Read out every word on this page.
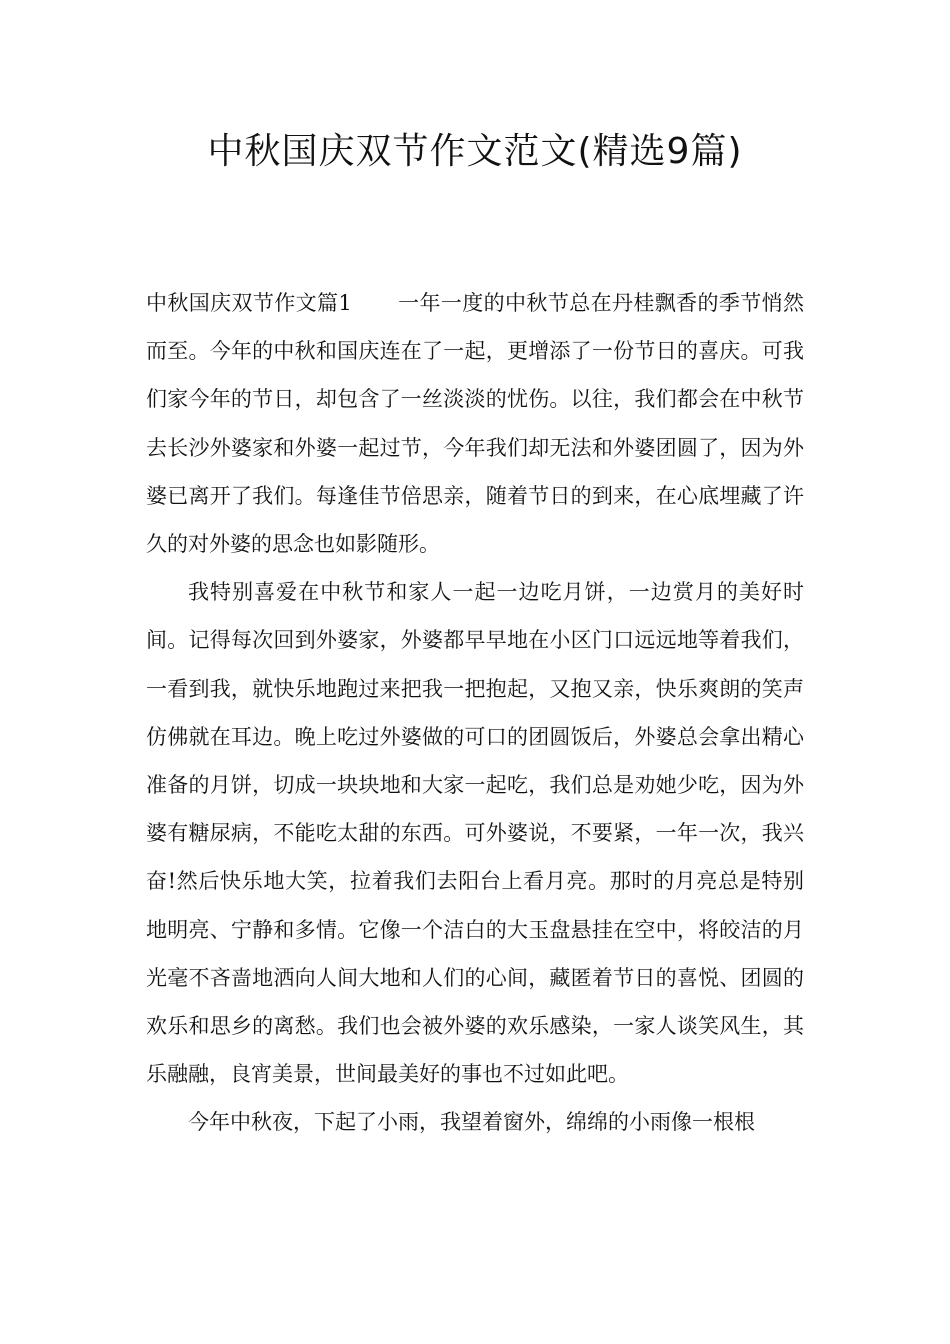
中秋国庆双节作文范文(精选9篇)

中秋国庆双节作文篇1 一年一度的中秋节总在丹桂飘香的季节悄然而至。今年的中秋和国庆连在了一起，更增添了一份节日的喜庆。可我们家今年的节日，却包含了一丝淡淡的忧伤。以往，我们都会在中秋节去长沙外婆家和外婆一起过节，今年我们却无法和外婆团圆了，因为外婆已离开了我们。每逢佳节倍思亲，随着节日的到来，在心底埋藏了许久的对外婆的思念也如影随形。

我特别喜爱在中秋节和家人一起一边吃月饼，一边赏月的美好时间。记得每次回到外婆家，外婆都早早地在小区门口远远地等着我们，一看到我，就快乐地跑过来把我一把抱起，又抱又亲，快乐爽朗的笑声仿佛就在耳边。晚上吃过外婆做的可口的团圆饭后，外婆总会拿出精心准备的月饼，切成一块块地和大家一起吃，我们总是劝她少吃，因为外婆有糖尿病，不能吃太甜的东西。可外婆说，不要紧，一年一次，我兴奋!然后快乐地大笑，拉着我们去阳台上看月亮。那时的月亮总是特别地明亮、宁静和多情。它像一个洁白的大玉盘悬挂在空中，将皎洁的月光毫不吝啬地洒向人间大地和人们的心间，藏匿着节日的喜悦、团圆的欢乐和思乡的离愁。我们也会被外婆的欢乐感染，一家人谈笑风生，其乐融融，良宵美景，世间最美好的事也不过如此吧。

今年中秋夜，下起了小雨，我望着窗外，绵绵的小雨像一根根
